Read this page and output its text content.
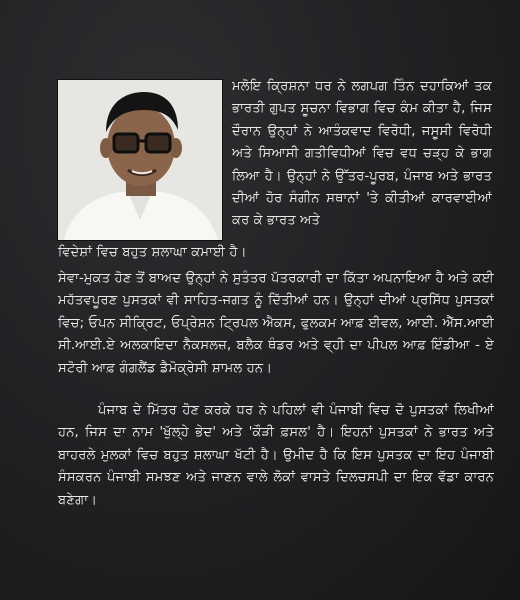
ਮਲੋਇ ਕ੍ਰਿਸ਼ਨਾ ਧਰ ਨੇ ਲਗਪਗ ਤਿੰਨ ਦਹਾਕਿਆਂ ਤਕ ਭਾਰਤੀ ਗੁਪਤ ਸੂਚਨਾ ਵਿਭਾਗ ਵਿਚ ਕੰਮ ਕੀਤਾ ਹੈ, ਜਿਸ ਦੌਰਾਨ ਉਨ੍ਹਾਂ ਨੇ ਆਤੰਕਵਾਦ ਵਿਰੋਧੀ, ਜਸੂਸੀ ਵਿਰੋਧੀ ਅਤੇ ਸਿਆਸੀ ਗਤੀਵਿਧੀਆਂ ਵਿਚ ਵਧ ਚੜ੍ਹ ਕੇ ਭਾਗ ਲਿਆ ਹੈ। ਉਨ੍ਹਾਂ ਨੇ ਉੱਤਰ-ਪੂਰਬ, ਪੰਜਾਬ ਅਤੇ ਭਾਰਤ ਦੀਆਂ ਹੋਰ ਸੰਗੀਨ ਸਥਾਨਾਂ 'ਤੇ ਕੀਤੀਆਂ ਕਾਰਵਾਈਆਂ ਕਰ ਕੇ ਭਾਰਤ ਅਤੇ

ਵਿਦੇਸ਼ਾਂ ਵਿਚ ਬਹੁਤ ਸ਼ਲਾਘਾ ਕਮਾਈ ਹੈ।

ਸੇਵਾ-ਮੁਕਤ ਹੋਣ ਤੋਂ ਬਾਅਦ ਉਨ੍ਹਾਂ ਨੇ ਸੁਤੰਤਰ ਪੱਤਰਕਾਰੀ ਦਾ ਕਿੱਤਾ ਅਪਨਾਇਆ ਹੈ ਅਤੇ ਕਈ ਮਹੱਤਵਪੂਰਣ ਪੁਸਤਕਾਂ ਵੀ ਸਾਹਿਤ-ਜਗਤ ਨੂੰ ਦਿੱਤੀਆਂ ਹਨ। ਉਨ੍ਹਾਂ ਦੀਆਂ ਪ੍ਰਸਿੱਧ ਪੁਸਤਕਾਂ ਵਿਚ; ਓਪਨ ਸੀਕ੍ਰਿਟ, ਓਪ੍ਰੇਸ਼ਨ ਟ੍ਰਿਪਲ ਐਕਸ, ਫੁਲਕਮ ਆਫ਼ ਈਵਲ, ਆਈ. ਐੱਸ.ਆਈ ਸੀ.ਆਈ.ਏ ਅਲਕਾਇਦਾ ਨੈਕਸਲਜ਼, ਬਲੈਕ ਥੰਡਰ ਅਤੇ ਵ੍ਹੀ ਦਾ ਪੀਪਲ ਆਫ਼ ਇੰਡੀਆ - ਏ ਸਟੋਰੀ ਆਫ਼ ਗੰਗਲੈਂਡ ਡੈਮੋਕ੍ਰੇਸੀ ਸ਼ਾਮਲ ਹਨ।

ਪੰਜਾਬ ਦੇ ਮਿੱਤਰ ਹੋਣ ਕਰਕੇ ਧਰ ਨੇ ਪਹਿਲਾਂ ਵੀ ਪੰਜਾਬੀ ਵਿਚ ਦੋ ਪੁਸਤਕਾਂ ਲਿਖੀਆਂ ਹਨ, ਜਿਸ ਦਾ ਨਾਮ 'ਖੁੱਲ੍ਹੇ ਭੇਦ' ਅਤੇ 'ਕੌੜੀ ਫ਼ਸਲ' ਹੈ। ਇਹਨਾਂ ਪੁਸਤਕਾਂ ਨੇ ਭਾਰਤ ਅਤੇ ਬਾਹਰਲੇ ਮੁਲਕਾਂ ਵਿਚ ਬਹੁਤ ਸ਼ਲਾਘਾ ਖੱਟੀ ਹੈ। ਉਮੀਦ ਹੈ ਕਿ ਇਸ ਪੁਸਤਕ ਦਾ ਇਹ ਪੰਜਾਬੀ ਸੰਸਕਰਨ ਪੰਜਾਬੀ ਸਮਝਣ ਅਤੇ ਜਾਣਨ ਵਾਲੇ ਲੋਕਾਂ ਵਾਸਤੇ ਦਿਲਚਸਪੀ ਦਾ ਇਕ ਵੱਡਾ ਕਾਰਨ ਬਣੇਗਾ।
